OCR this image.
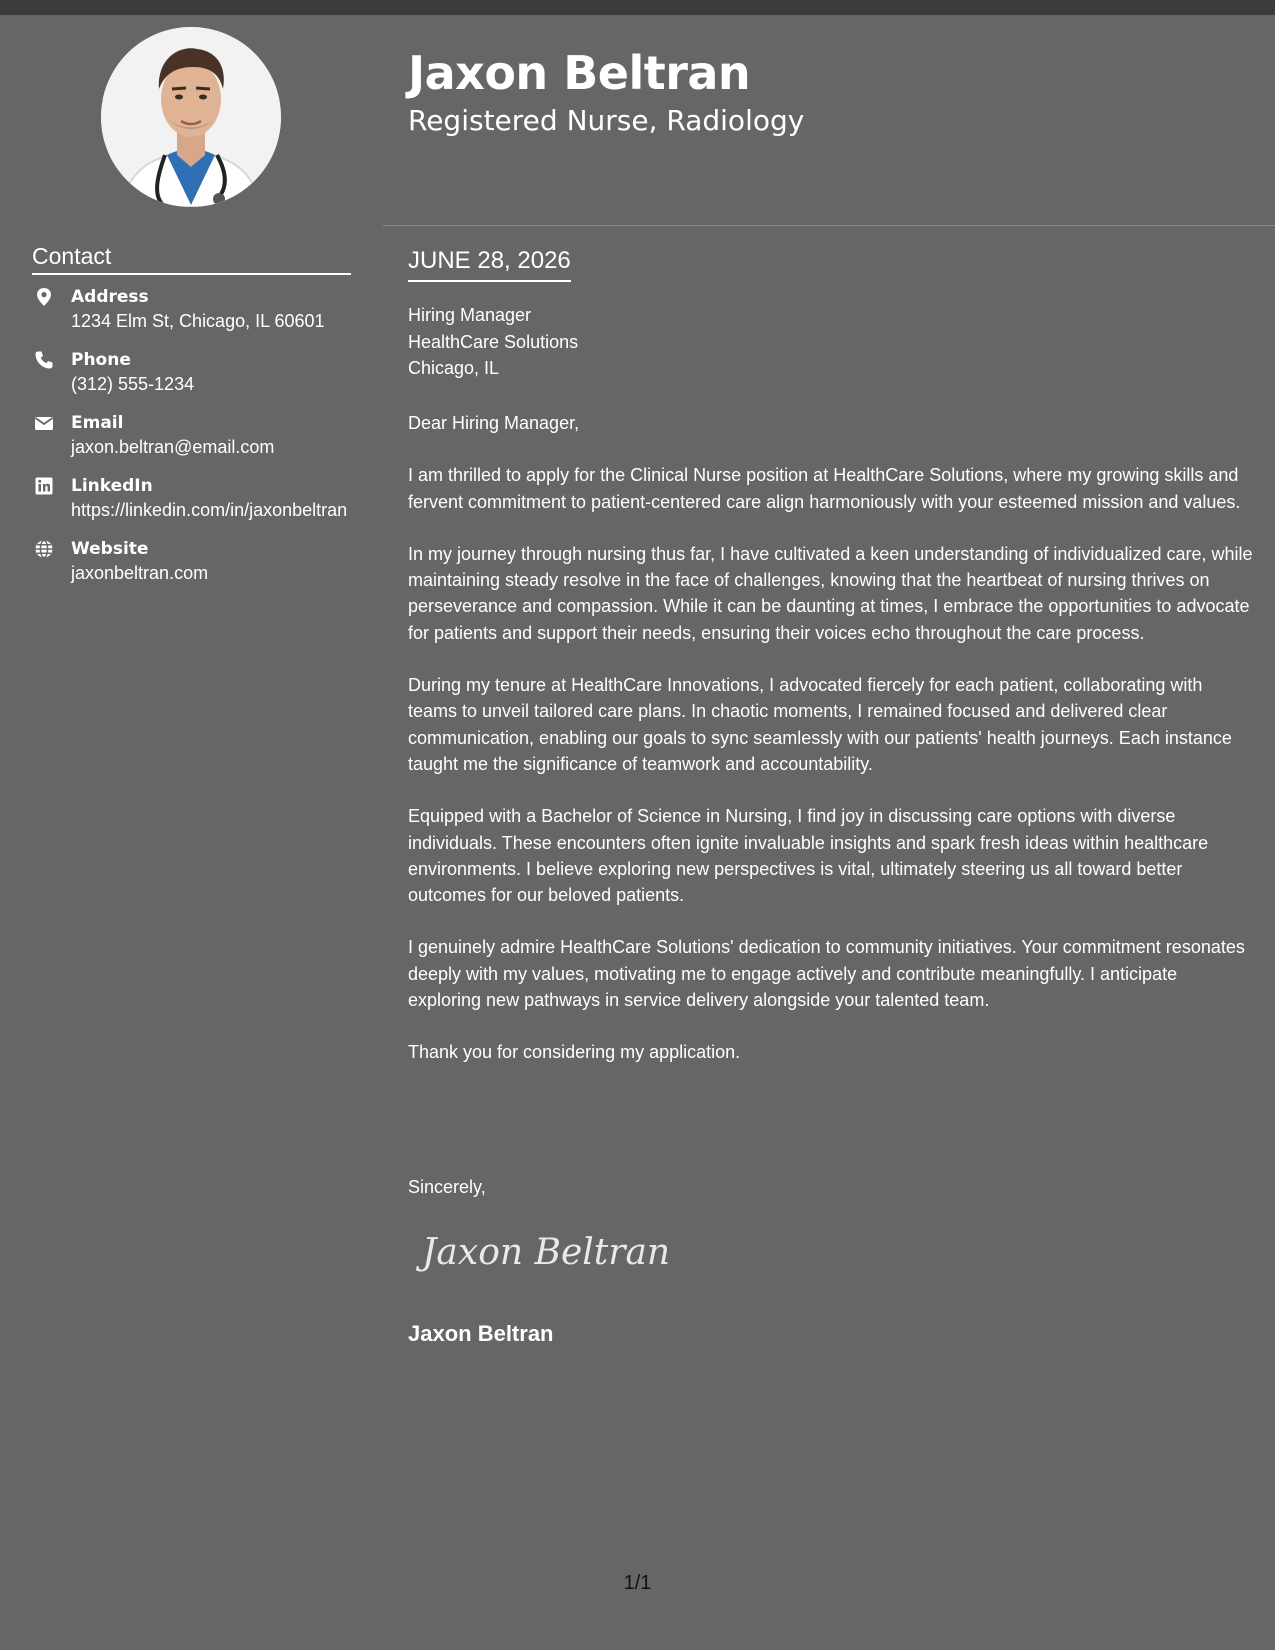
Contact
Address
1234 Elm St, Chicago, IL 60601
Phone
(312) 555-1234
Email
jaxon.beltran@email.com
LinkedIn
https://linkedin.com/in/jaxonbeltran
Website
jaxonbeltran.com
Jaxon Beltran
Registered Nurse, Radiology
JUNE 28, 2026
Hiring Manager
HealthCare Solutions
Chicago, IL

Dear Hiring Manager,

I am thrilled to apply for the Clinical Nurse position at HealthCare Solutions, where my growing skills and fervent commitment to patient-centered care align harmoniously with your esteemed mission and values.

In my journey through nursing thus far, I have cultivated a keen understanding of individualized care, while maintaining steady resolve in the face of challenges, knowing that the heartbeat of nursing thrives on perseverance and compassion. While it can be daunting at times, I embrace the opportunities to advocate for patients and support their needs, ensuring their voices echo throughout the care process.

During my tenure at HealthCare Innovations, I advocated fiercely for each patient, collaborating with teams to unveil tailored care plans. In chaotic moments, I remained focused and delivered clear communication, enabling our goals to sync seamlessly with our patients' health journeys. Each instance taught me the significance of teamwork and accountability.

Equipped with a Bachelor of Science in Nursing, I find joy in discussing care options with diverse individuals. These encounters often ignite invaluable insights and spark fresh ideas within healthcare environments. I believe exploring new perspectives is vital, ultimately steering us all toward better outcomes for our beloved patients.

I genuinely admire HealthCare Solutions' dedication to community initiatives. Your commitment resonates deeply with my values, motivating me to engage actively and contribute meaningfully. I anticipate exploring new pathways in service delivery alongside your talented team.

Thank you for considering my application.

Sincerely,
Jaxon Beltran
Jaxon Beltran
1/1
